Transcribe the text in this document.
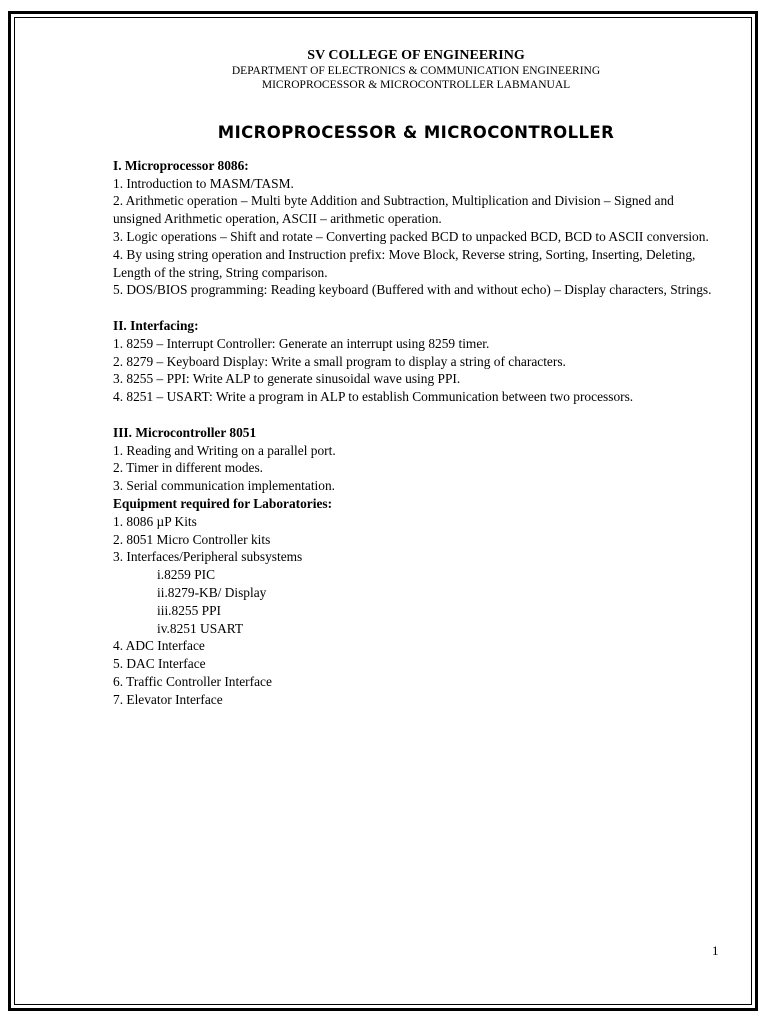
SV COLLEGE OF ENGINEERING

DEPARTMENT OF ELECTRONICS & COMMUNICATION ENGINEERING

MICROPROCESSOR & MICROCONTROLLER LABMANUAL

MICROPROCESSOR & MICROCONTROLLER

I. Microprocessor 8086:

1. Introduction to MASM/TASM.

2. Arithmetic operation – Multi byte Addition and Subtraction, Multiplication and Division – Signed and unsigned Arithmetic operation, ASCII – arithmetic operation.

3. Logic operations – Shift and rotate – Converting packed BCD to unpacked BCD, BCD to ASCII conversion.

4. By using string operation and Instruction prefix: Move Block, Reverse string, Sorting, Inserting, Deleting, Length of the string, String comparison.

5. DOS/BIOS programming: Reading keyboard (Buffered with and without echo) – Display characters, Strings.

II. Interfacing:

1. 8259 – Interrupt Controller: Generate an interrupt using 8259 timer.

2. 8279 – Keyboard Display: Write a small program to display a string of characters.

3. 8255 – PPI: Write ALP to generate sinusoidal wave using PPI.

4. 8251 – USART: Write a program in ALP to establish Communication between two processors.

III. Microcontroller 8051

1. Reading and Writing on a parallel port.

2. Timer in different modes.

3. Serial communication implementation.

Equipment required for Laboratories:

1. 8086 µP Kits

2. 8051 Micro Controller kits

3. Interfaces/Peripheral subsystems

i.8259 PIC

ii.8279-KB/ Display

iii.8255 PPI

iv.8251 USART

4. ADC Interface

5. DAC Interface

6. Traffic Controller Interface

7. Elevator Interface

1
